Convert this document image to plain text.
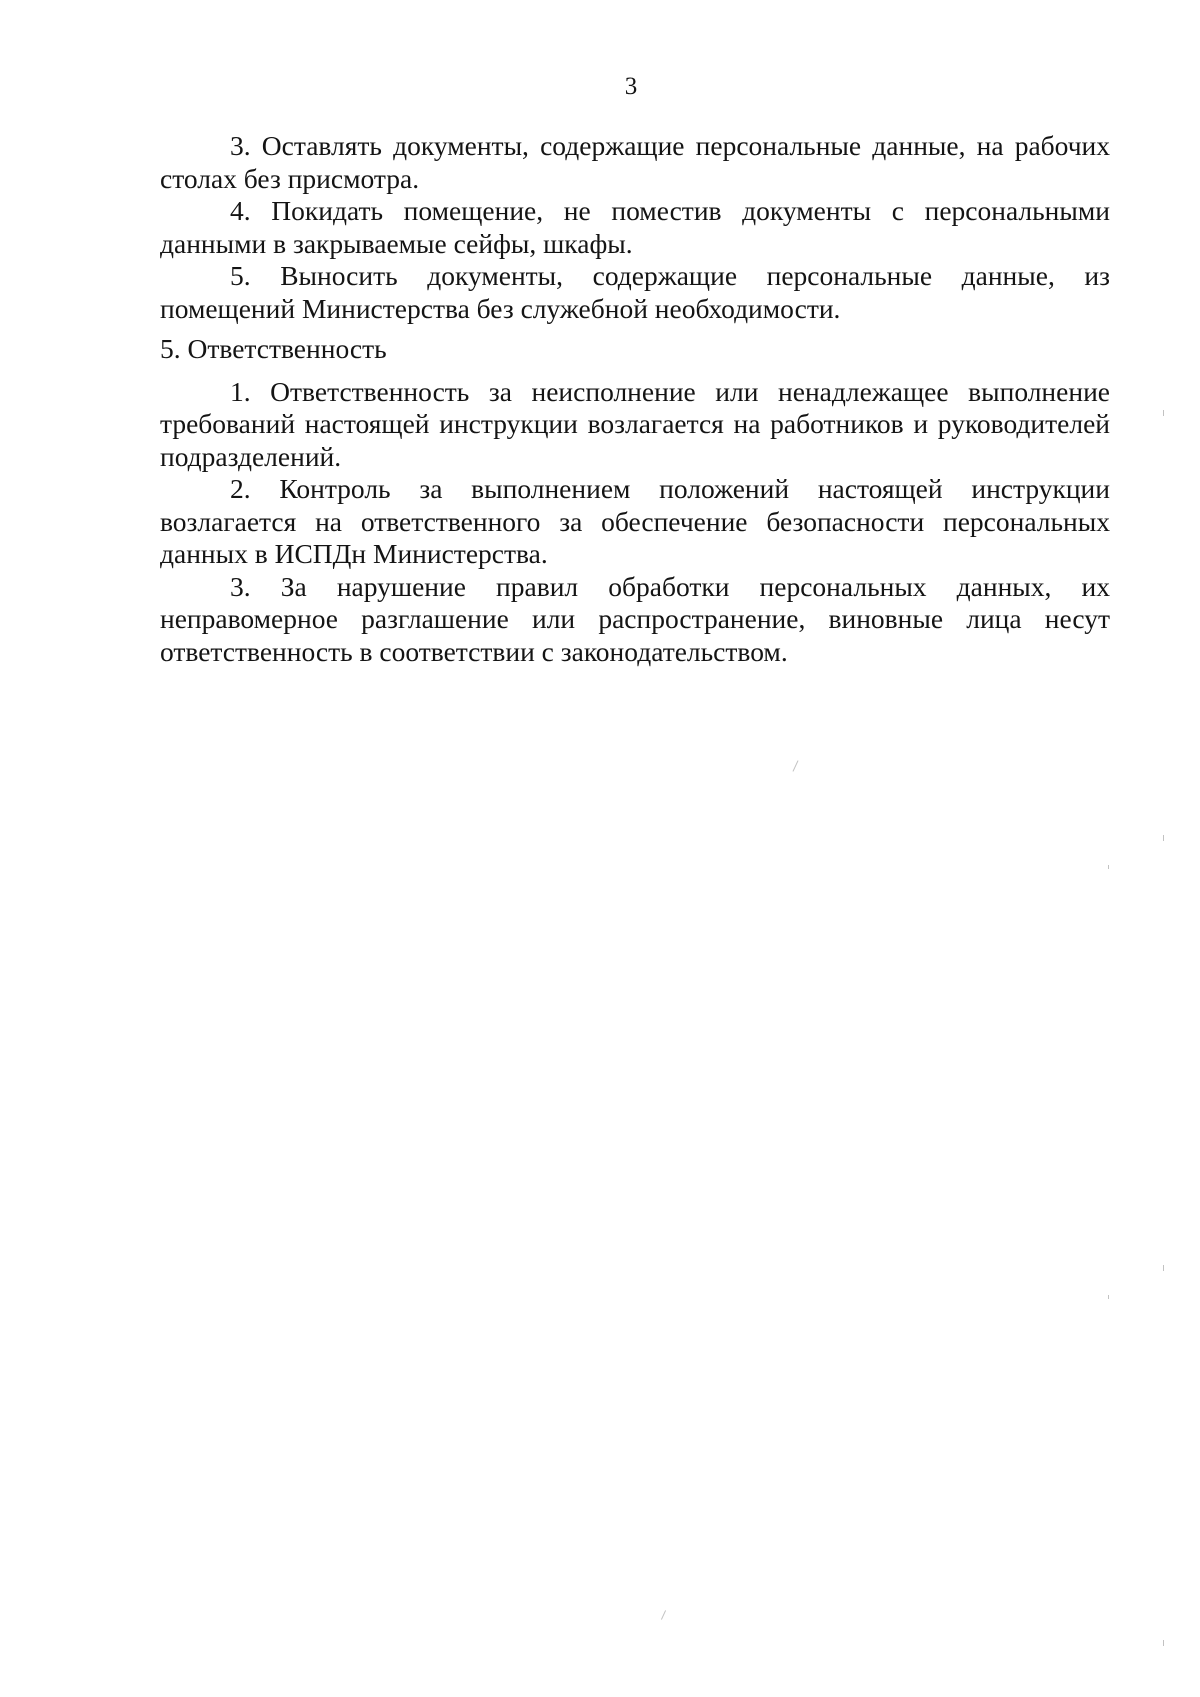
3

3. Оставлять документы, содержащие персональные данные, на рабочих столах без присмотра.

4. Покидать помещение, не поместив документы с персональными данными в закрываемые сейфы, шкафы.

5. Выносить документы, содержащие персональные данные, из помещений Министерства без служебной необходимости.

5. Ответственность

1. Ответственность за неисполнение или ненадлежащее выполнение требований настоящей инструкции возлагается на работников и руководителей подразделений.

2. Контроль за выполнением положений настоящей инструкции возлагается на ответственного за обеспечение безопасности персональных данных в ИСПДн Министерства.

3. За нарушение правил обработки персональных данных, их неправомерное разглашение или распространение, виновные лица несут ответственность в соответствии с законодательством.
